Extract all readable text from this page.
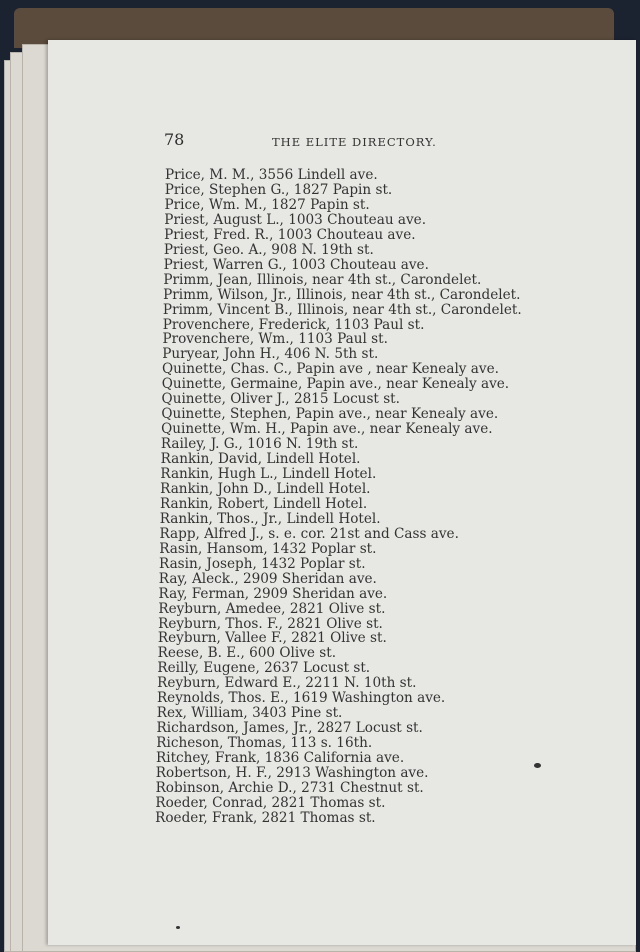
78	THE ELITE DIRECTORY.
Price, M. M., 3556 Lindell ave.
Price, Stephen G., 1827 Papin st.
Price, Wm. M., 1827 Papin st.
Priest, August L., 1003 Chouteau ave.
Priest, Fred. R., 1003 Chouteau ave.
Priest, Geo. A., 908 N. 19th st.
Priest, Warren G., 1003 Chouteau ave.
Primm, Jean, Illinois, near 4th st., Carondelet.
Primm, Wilson, Jr., Illinois, near 4th st., Carondelet.
Primm, Vincent B., Illinois, near 4th st., Carondelet.
Provenchere, Frederick, 1103 Paul st.
Provenchere, Wm., 1103 Paul st.
Puryear, John H., 406 N. 5th st.
Quinette, Chas. C., Papin ave , near Kenealy ave.
Quinette, Germaine, Papin ave., near Kenealy ave.
Quinette, Oliver J., 2815 Locust st.
Quinette, Stephen, Papin ave., near Kenealy ave.
Quinette, Wm. H., Papin ave., near Kenealy ave.
Railey, J. G., 1016 N. 19th st.
Rankin, David, Lindell Hotel.
Rankin, Hugh L., Lindell Hotel.
Rankin, John D., Lindell Hotel.
Rankin, Robert, Lindell Hotel.
Rankin, Thos., Jr., Lindell Hotel.
Rapp, Alfred J., s. e. cor. 21st and Cass ave.
Rasin, Hansom, 1432 Poplar st.
Rasin, Joseph, 1432 Poplar st.
Ray, Aleck., 2909 Sheridan ave.
Ray, Ferman, 2909 Sheridan ave.
Reyburn, Amedee, 2821 Olive st.
Reyburn, Thos. F., 2821 Olive st.
Reyburn, Vallee F., 2821 Olive st.
Reese, B. E., 600 Olive st.
Reilly, Eugene, 2637 Locust st.
Reyburn, Edward E., 2211 N. 10th st.
Reynolds, Thos. E., 1619 Washington ave.
Rex, William, 3403 Pine st.
Richardson, James, Jr., 2827 Locust st.
Richeson, Thomas, 113 s. 16th.
Ritchey, Frank, 1836 California ave.
Robertson, H. F., 2913 Washington ave.
Robinson, Archie D., 2731 Chestnut st.
Roeder, Conrad, 2821 Thomas st.
Roeder, Frank, 2821 Thomas st.
